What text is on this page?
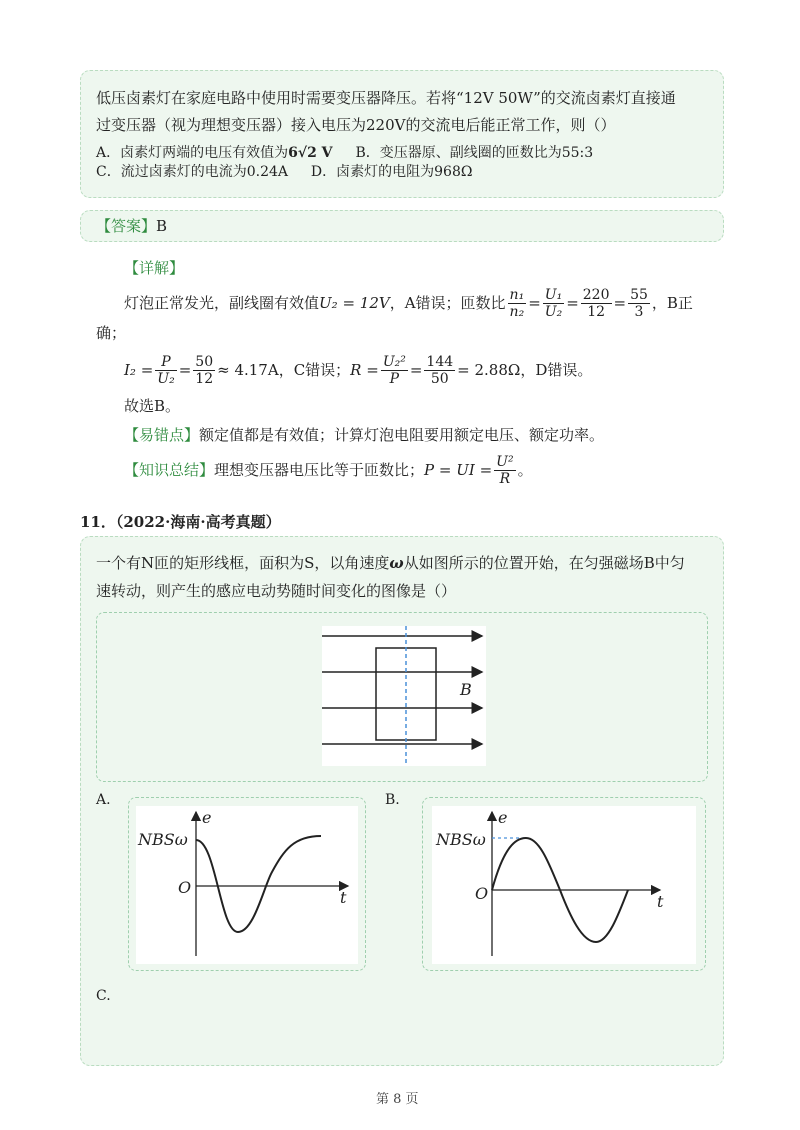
低压卤素灯在家庭电路中使用时需要变压器降压。若将“12V 50W”的交流卤素灯直接通
过变压器（视为理想变压器）接入电压为220V的交流电后能正常工作，则（）
A．卤素灯两端的电压有效值为6√2 V B．变压器原、副线圈的匝数比为55:3
C．流过卤素灯的电流为0.24A D．卤素灯的电阻为968Ω
【答案】B
【详解】
灯泡正常发光，副线圈有效值 U₂ = 12V ，A错误；匝数比 $\frac{\text{n₁}}{\text{n₂}} = \frac{\text{U₁}}{\text{U₂}} = \frac{220}{12} = \frac{55}{3}$ ，B正
确；
$I_2 = \frac{P}{\text{U₂}} = \frac{50}{12} \approx 4.17A$ ，C错误； $R = \frac{\text{U₂²}}{P} = \frac{144}{50} = 2.88\Omega$ ，D错误。
故选B。
【易错点】额定值都是有效值；计算灯泡电阻要用额定电压、额定功率。
【知识总结】 理想变压器电压比等于匝数比； P = UI = $\frac{\text{U²}}{R}$ 。
11．（2022·海南·高考真题）
一个有N匝的矩形线框，面积为S，以角速度ω从如图所示的位置开始，在匀强磁场B中匀
速转动，则产生的感应电动势随时间变化的图像是（）
B
A.
e
NBSω
O
t
B.
e
NBSω
O	t
C.
第 8 页
